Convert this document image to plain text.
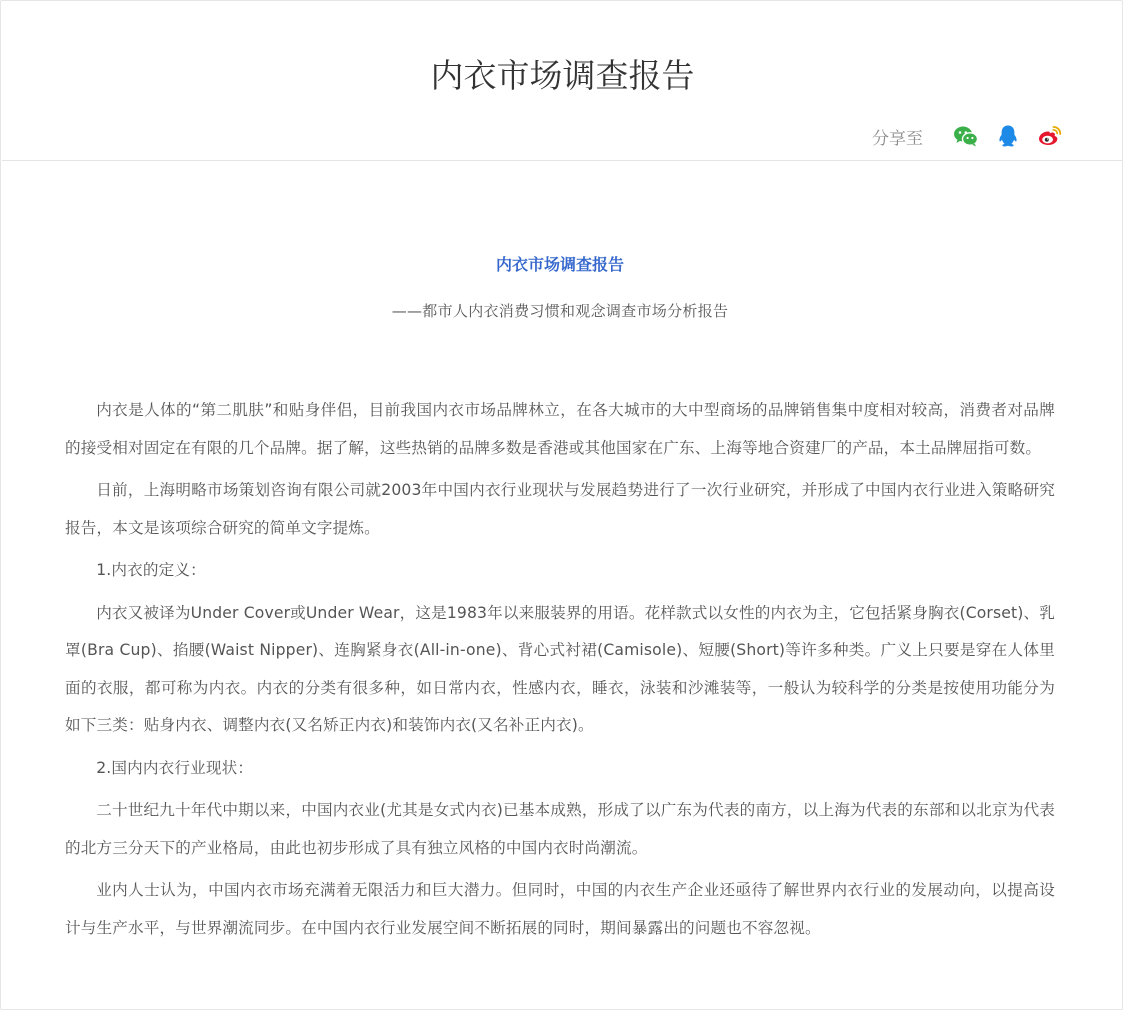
内衣市场调查报告
分享至
内衣市场调查报告
——都市人内衣消费习惯和观念调查市场分析报告

内衣是人体的“第二肌肤”和贴身伴侣，目前我国内衣市场品牌林立，在各大城市的大中型商场的品牌销售集中度相对较高，消费者对品牌的接受相对固定在有限的几个品牌。据了解，这些热销的品牌多数是香港或其他国家在广东、上海等地合资建厂的产品，本土品牌屈指可数。

日前，上海明略市场策划咨询有限公司就2003年中国内衣行业现状与发展趋势进行了一次行业研究，并形成了中国内衣行业进入策略研究报告，本文是该项综合研究的简单文字提炼。

1.内衣的定义：

内衣又被译为Under Cover或Under Wear，这是1983年以来服装界的用语。花样款式以女性的内衣为主，它包括紧身胸衣(Corset)、乳罩(Bra Cup)、掐腰(Waist Nipper)、连胸紧身衣(All-in-one)、背心式衬裙(Camisole)、短腰(Short)等许多种类。广义上只要是穿在人体里面的衣服，都可称为内衣。内衣的分类有很多种，如日常内衣，性感内衣，睡衣，泳装和沙滩装等，一般认为较科学的分类是按使用功能分为如下三类：贴身内衣、调整内衣(又名矫正内衣)和装饰内衣(又名补正内衣)。

2.国内内衣行业现状：

二十世纪九十年代中期以来，中国内衣业(尤其是女式内衣)已基本成熟，形成了以广东为代表的南方，以上海为代表的东部和以北京为代表的北方三分天下的产业格局，由此也初步形成了具有独立风格的中国内衣时尚潮流。

业内人士认为，中国内衣市场充满着无限活力和巨大潜力。但同时，中国的内衣生产企业还亟待了解世界内衣行业的发展动向，以提高设计与生产水平，与世界潮流同步。在中国内衣行业发展空间不断拓展的同时，期间暴露出的问题也不容忽视。
